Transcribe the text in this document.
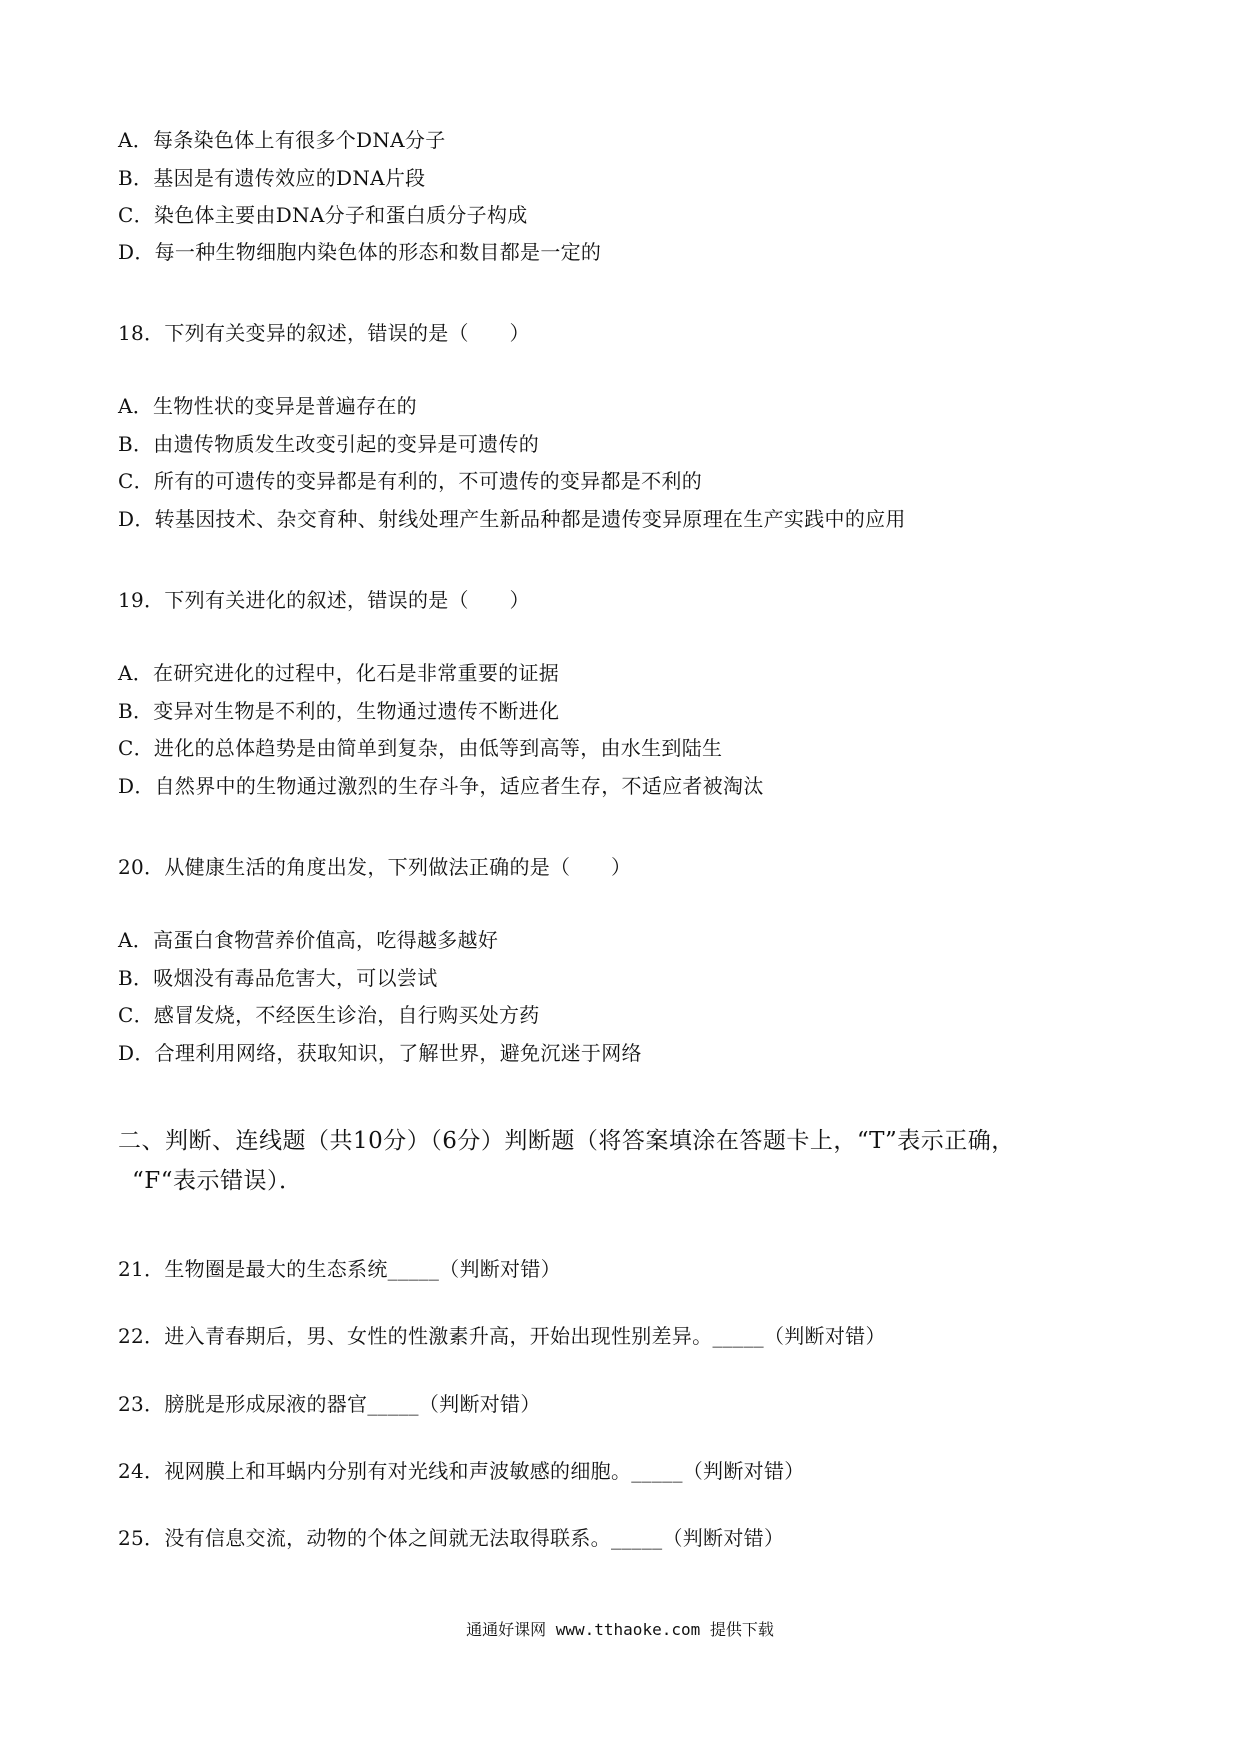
A．每条染色体上有很多个DNA分子
B．基因是有遗传效应的DNA片段
C．染色体主要由DNA分子和蛋白质分子构成
D．每一种生物细胞内染色体的形态和数目都是一定的
18．下列有关变异的叙述，错误的是（　　）
A．生物性状的变异是普遍存在的
B．由遗传物质发生改变引起的变异是可遗传的
C．所有的可遗传的变异都是有利的，不可遗传的变异都是不利的
D．转基因技术、杂交育种、射线处理产生新品种都是遗传变异原理在生产实践中的应用
19．下列有关进化的叙述，错误的是（　　）
A．在研究进化的过程中，化石是非常重要的证据
B．变异对生物是不利的，生物通过遗传不断进化
C．进化的总体趋势是由简单到复杂，由低等到高等，由水生到陆生
D．自然界中的生物通过激烈的生存斗争，适应者生存，不适应者被淘汰
20．从健康生活的角度出发，下列做法正确的是（　　）
A．高蛋白食物营养价值高，吃得越多越好
B．吸烟没有毒品危害大，可以尝试
C．感冒发烧，不经医生诊治，自行购买处方药
D．合理利用网络，获取知识，了解世界，避免沉迷于网络
二、判断、连线题（共10分）（6分）判断题（将答案填涂在答题卡上，“T”表示正确，
“F“表示错误）．
21．生物圈是最大的生态系统_____（判断对错）
22．进入青春期后，男、女性的性激素升高，开始出现性别差异。_____（判断对错）
23．膀胱是形成尿液的器官_____（判断对错）
24．视网膜上和耳蜗内分别有对光线和声波敏感的细胞。_____（判断对错）
25．没有信息交流，动物的个体之间就无法取得联系。_____（判断对错）
通通好课网 www.tthaoke.com 提供下载
